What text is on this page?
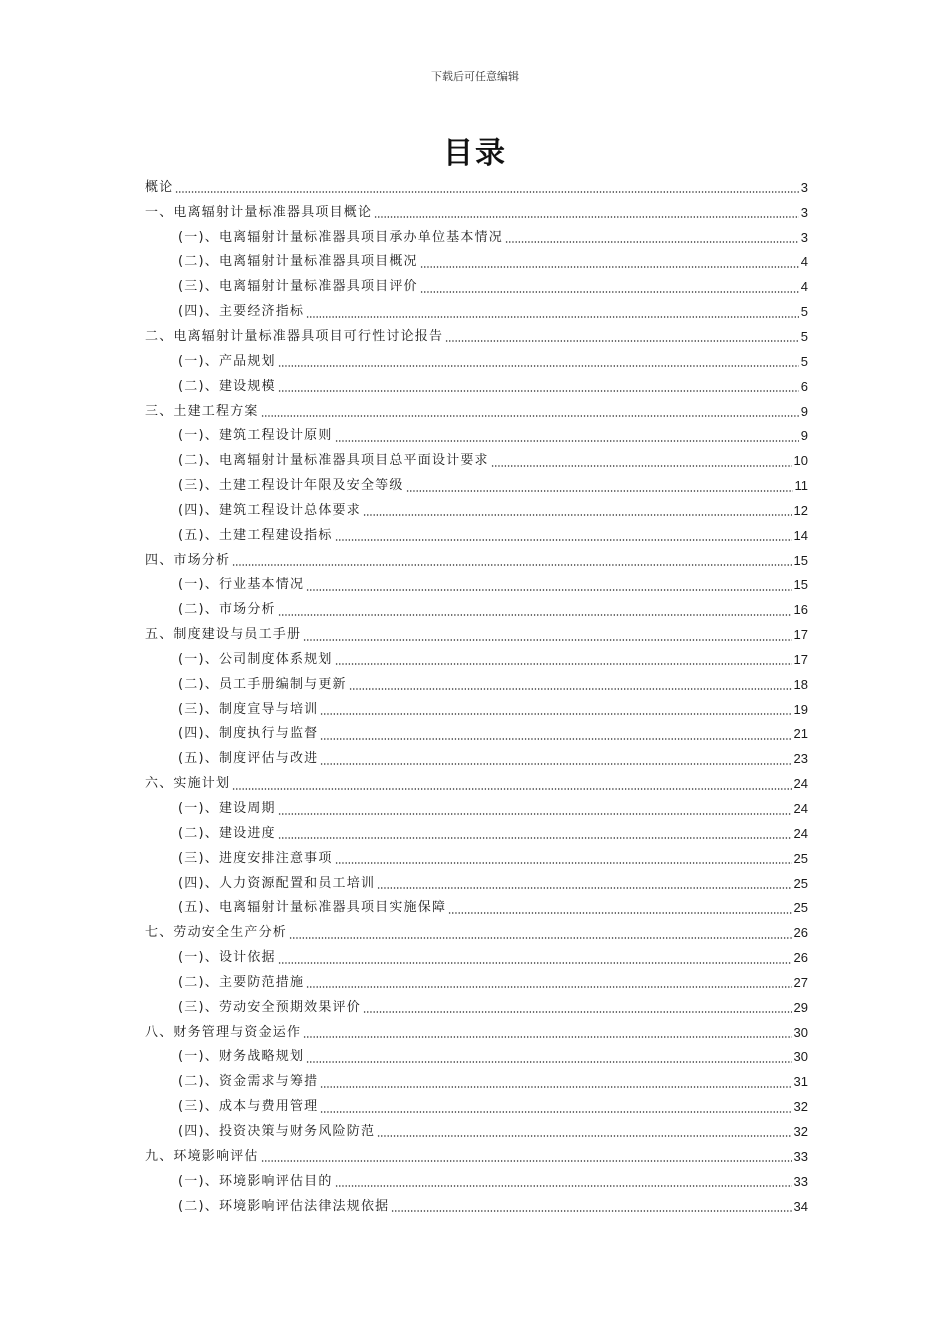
下载后可任意编辑
目录
概论	3
一、电离辐射计量标准器具项目概论	3
(一)、电离辐射计量标准器具项目承办单位基本情况	3
(二)、电离辐射计量标准器具项目概况	4
(三)、电离辐射计量标准器具项目评价	4
(四)、主要经济指标	5
二、电离辐射计量标准器具项目可行性讨论报告	5
(一)、产品规划	5
(二)、建设规模	6
三、土建工程方案	9
(一)、建筑工程设计原则	9
(二)、电离辐射计量标准器具项目总平面设计要求	10
(三)、土建工程设计年限及安全等级	11
(四)、建筑工程设计总体要求	12
(五)、土建工程建设指标	14
四、市场分析	15
(一)、行业基本情况	15
(二)、市场分析	16
五、制度建设与员工手册	17
(一)、公司制度体系规划	17
(二)、员工手册编制与更新	18
(三)、制度宣导与培训	19
(四)、制度执行与监督	21
(五)、制度评估与改进	23
六、实施计划	24
(一)、建设周期	24
(二)、建设进度	24
(三)、进度安排注意事项	25
(四)、人力资源配置和员工培训	25
(五)、电离辐射计量标准器具项目实施保障	25
七、劳动安全生产分析	26
(一)、设计依据	26
(二)、主要防范措施	27
(三)、劳动安全预期效果评价	29
八、财务管理与资金运作	30
(一)、财务战略规划	30
(二)、资金需求与筹措	31
(三)、成本与费用管理	32
(四)、投资决策与财务风险防范	32
九、环境影响评估	33
(一)、环境影响评估目的	33
(二)、环境影响评估法律法规依据	34
